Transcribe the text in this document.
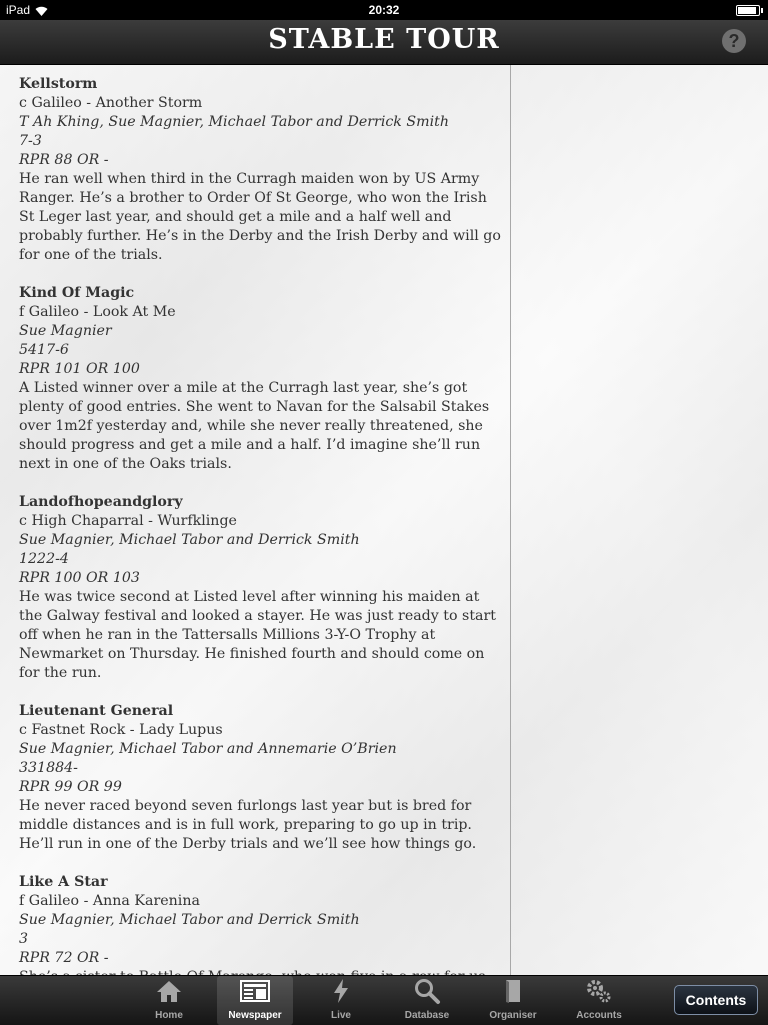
iPad	20:32
STABLE TOUR	?

Kellstorm

c Galileo - Another Storm

T Ah Khing, Sue Magnier, Michael Tabor and Derrick Smith

7-3

RPR 88 OR -

He ran well when third in the Curragh maiden won by US Army Ranger. He’s a brother to Order Of St George, who won the Irish St Leger last year, and should get a mile and a half well and probably further. He’s in the Derby and the Irish Derby and will go for one of the trials.

Kind Of Magic

f Galileo - Look At Me

Sue Magnier

5417-6

RPR 101 OR 100

A Listed winner over a mile at the Curragh last year, she’s got plenty of good entries. She went to Navan for the Salsabil Stakes over 1m2f yesterday and, while she never really threatened, she should progress and get a mile and a half. I’d imagine she’ll run next in one of the Oaks trials.

Landofhopeandglory

c High Chaparral - Wurfklinge

Sue Magnier, Michael Tabor and Derrick Smith

1222-4

RPR 100 OR 103

He was twice second at Listed level after winning his maiden at the Galway festival and looked a stayer. He was just ready to start off when he ran in the Tattersalls Millions 3-Y-O Trophy at Newmarket on Thursday. He finished fourth and should come on for the run.

Lieutenant General

c Fastnet Rock - Lady Lupus

Sue Magnier, Michael Tabor and Annemarie O’Brien

331884-

RPR 99 OR 99

He never raced beyond seven furlongs last year but is bred for middle distances and is in full work, preparing to go up in trip. He’ll run in one of the Derby trials and we’ll see how things go.

Like A Star

f Galileo - Anna Karenina

Sue Magnier, Michael Tabor and Derrick Smith

3

RPR 72 OR -

Home	Newspaper	Live	Database	Organiser	Accounts
Contents
